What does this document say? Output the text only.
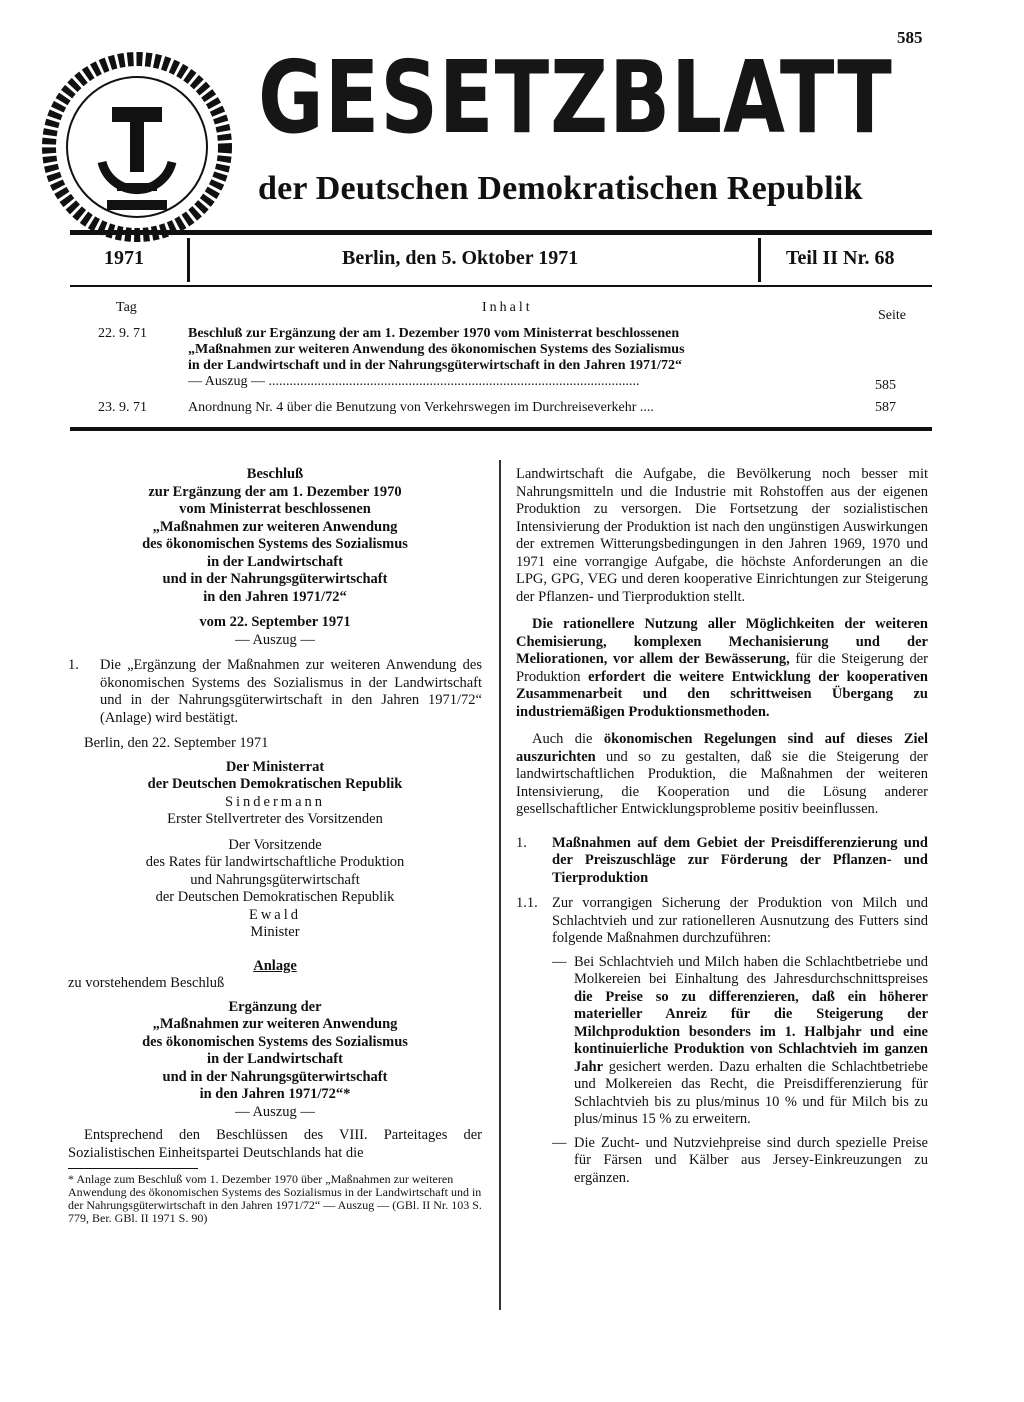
585
GESETZBLATT
der Deutschen Demokratischen Republik
1971	Berlin, den 5. Oktober 1971	Teil II Nr. 68
Tag	Inhalt
Seite
22. 9. 71	Beschluß zur Ergänzung der am 1. Dezember 1970 vom Ministerrat beschlossenen
„Maßnahmen zur weiteren Anwendung des ökonomischen Systems des Sozialismus
in der Landwirtschaft und in der Nahrungsgüterwirtschaft in den Jahren 1971/72“
— Auszug — ..........................................................................................................	585
23. 9. 71	Anordnung Nr. 4 über die Benutzung von Verkehrswegen im Durchreiseverkehr ....	587
Beschluß
zur Ergänzung der am 1. Dezember 1970
vom Ministerrat beschlossenen
„Maßnahmen zur weiteren Anwendung
des ökonomischen Systems des Sozialismus
in der Landwirtschaft
und in der Nahrungsgüterwirtschaft
in den Jahren 1971/72“
vom 22. September 1971
— Auszug —
1.	Die „Ergänzung der Maßnahmen zur weiteren Anwendung des ökonomischen Systems des Sozialismus in der Landwirtschaft und in der Nahrungsgüterwirtschaft in den Jahren 1971/72“ (Anlage) wird bestätigt.
Berlin, den 22. September 1971
Der Ministerrat
der Deutschen Demokratischen Republik
Sindermann
Erster Stellvertreter des Vorsitzenden
Der Vorsitzende
des Rates für landwirtschaftliche Produktion
und Nahrungsgüterwirtschaft
der Deutschen Demokratischen Republik
Ewald
Minister
Anlage
zu vorstehendem Beschluß
Ergänzung der
„Maßnahmen zur weiteren Anwendung
des ökonomischen Systems des Sozialismus
in der Landwirtschaft
und in der Nahrungsgüterwirtschaft
in den Jahren 1971/72“*
— Auszug —

Entsprechend den Beschlüssen des VIII. Parteitages der Sozialistischen Einheitspartei Deutschlands hat die

* Anlage zum Beschluß vom 1. Dezember 1970 über „Maßnahmen zur weiteren Anwendung des ökonomischen Systems des Sozialismus in der Landwirtschaft und in der Nahrungsgüterwirtschaft in den Jahren 1971/72“ — Auszug — (GBl. II Nr. 103 S. 779, Ber. GBl. II 1971 S. 90)

Landwirtschaft die Aufgabe, die Bevölkerung noch besser mit Nahrungsmitteln und die Industrie mit Rohstoffen aus der eigenen Produktion zu versorgen. Die Fortsetzung der sozialistischen Intensivierung der Produktion ist nach den ungünstigen Auswirkungen der extremen Witterungsbedingungen in den Jahren 1969, 1970 und 1971 eine vorrangige Aufgabe, die höchste Anforderungen an die LPG, GPG, VEG und deren kooperative Einrichtungen zur Steigerung der Pflanzen- und Tierproduktion stellt.

Die rationellere Nutzung aller Möglichkeiten der weiteren Chemisierung, komplexen Mechanisierung und der Meliorationen, vor allem der Bewässerung, für die Steigerung der Produktion erfordert die weitere Entwicklung der kooperativen Zusammenarbeit und den schrittweisen Übergang zu industriemäßigen Produktionsmethoden.

Auch die ökonomischen Regelungen sind auf dieses Ziel auszurichten und so zu gestalten, daß sie die Steigerung der landwirtschaftlichen Produktion, die Maßnahmen der weiteren Intensivierung, die Kooperation und die Lösung anderer gesellschaftlicher Entwicklungsprobleme positiv beeinflussen.

1.	Maßnahmen auf dem Gebiet der Preisdifferenzierung und der Preiszuschläge zur Förderung der Pflanzen- und Tierproduktion
1.1. Zur vorrangigen Sicherung der Produktion von Milch und Schlachtvieh und zur rationelleren Ausnutzung des Futters sind folgende Maßnahmen durchzuführen:
— Bei Schlachtvieh und Milch haben die Schlachtbetriebe und Molkereien bei Einhaltung des Jahresdurchschnittspreises die Preise so zu differenzieren, daß ein höherer materieller Anreiz für die Steigerung der Milchproduktion besonders im 1. Halbjahr und eine kontinuierliche Produktion von Schlachtvieh im ganzen Jahr gesichert werden. Dazu erhalten die Schlachtbetriebe und Molkereien das Recht, die Preisdifferenzierung für Schlachtvieh bis zu plus/minus 10 % und für Milch bis zu plus/minus 15 % zu erweitern.
— Die Zucht- und Nutzviehpreise sind durch spezielle Preise für Färsen und Kälber aus Jersey-Einkreuzungen zu ergänzen.
